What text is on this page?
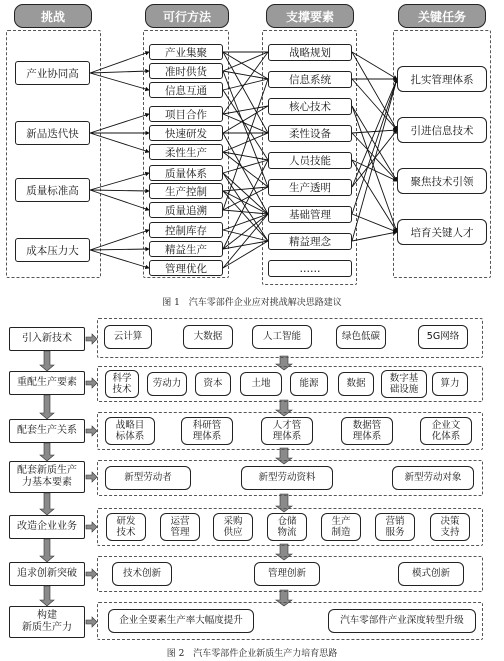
挑战	可行方法	支撑要素	关键任务
产业协同高
新品迭代快
质量标准高
成本压力大
产业集聚
准时供货
信息互通
项目合作
快速研发
柔性生产
质量体系
生产控制
质量追溯
控制库存
精益生产
管理优化
战略规划
信息系统
核心技术
柔性设备
人员技能
生产透明
基础管理
精益理念
……
扎实管理体系
引进信息技术
聚焦技术引领
培育关键人才
图 1　汽车零部件企业应对挑战解决思路建议
引入新技术
重配生产要素
配套生产关系
配套新质生产
力基本要素
改造企业业务
追求创新突破
构建
新质生产力
云计算	大数据	人工智能	绿色低碳	5G网络
科学
技术
劳动力	资本	土地	能源	数据
数字基
础设施
算力
战略目
标体系
科研管
理体系
人才管
理体系
数据管
理体系
企业文
化体系
新型劳动者	新型劳动资料	新型劳动对象
研发
技术
运营
管理
采购
供应
仓储
物流
生产
制造
营销
服务
决策
支持
技术创新	管理创新	模式创新
企业全要素生产率大幅度提升	汽车零部件产业深度转型升级
图 2　汽车零部件企业新质生产力培育思路
